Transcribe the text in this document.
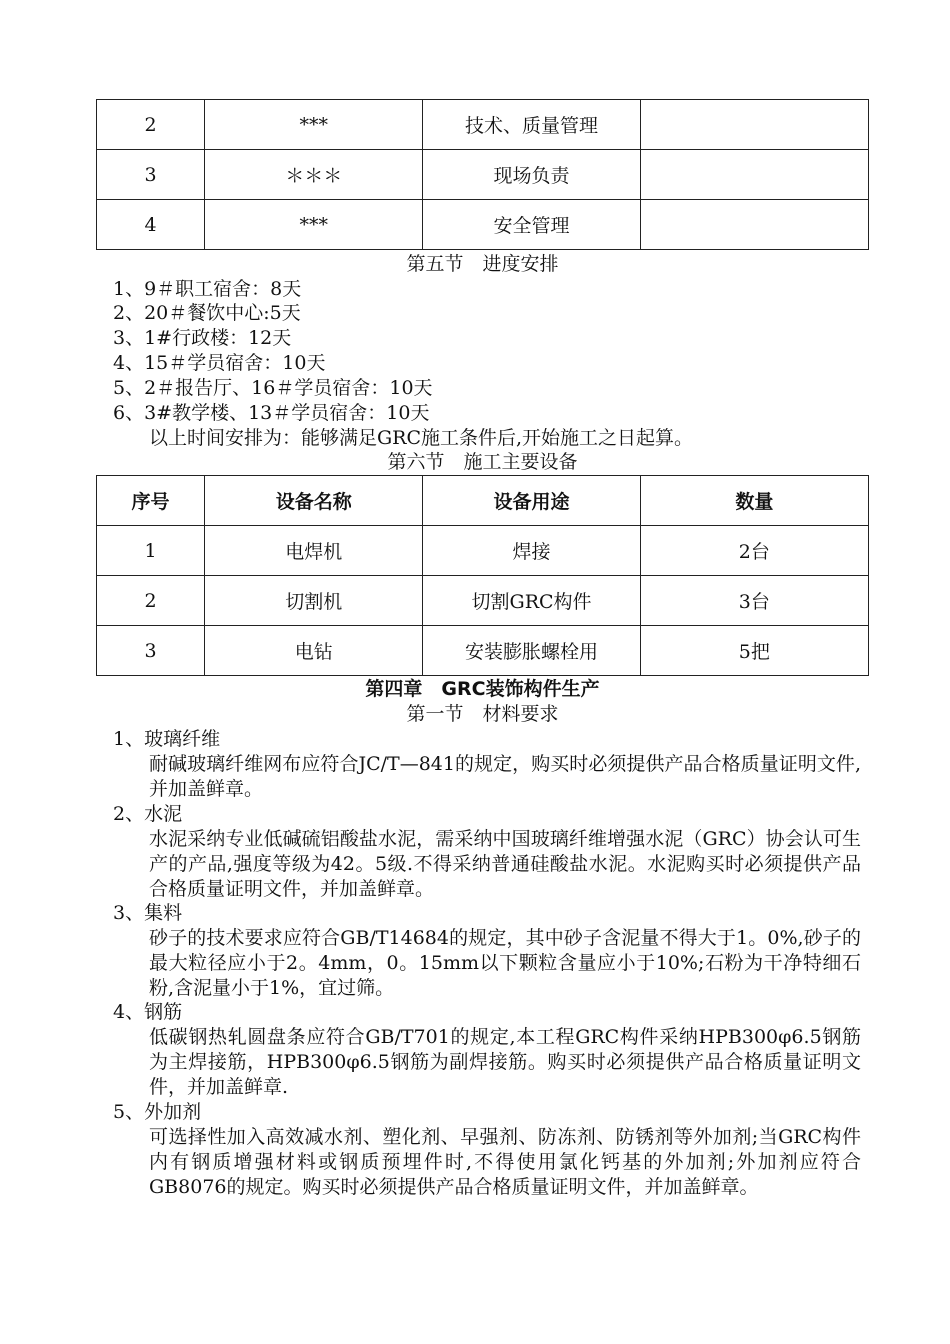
2	***	技术、质量管理	
3	＊＊＊	现场负责	
4	***	安全管理	
第五节　进度安排
1、9＃职工宿舍：8天
2、20＃餐饮中心:5天
3、1#行政楼：12天
4、15＃学员宿舍：10天
5、2＃报告厅、16＃学员宿舍：10天
6、3#教学楼、13＃学员宿舍：10天
以上时间安排为：能够满足GRC施工条件后,开始施工之日起算。
第六节　施工主要设备
序号	设备名称	设备用途	数量
1	电焊机	焊接	2台
2	切割机	切割GRC构件	3台
3	电钻	安装膨胀螺栓用	5把
第四章　GRC装饰构件生产
第一节　材料要求
1、玻璃纤维
耐碱玻璃纤维网布应符合JC/T—841的规定，购买时必须提供产品合格质量证明文件,并加盖鲜章。
2、水泥
水泥采纳专业低碱硫铝酸盐水泥，需采纳中国玻璃纤维增强水泥（GRC）协会认可生产的产品,强度等级为42。5级.不得采纳普通硅酸盐水泥。水泥购买时必须提供产品合格质量证明文件，并加盖鲜章。
3、集料
砂子的技术要求应符合GB/T14684的规定，其中砂子含泥量不得大于1。0%,砂子的最大粒径应小于2。4mm，0。15mm以下颗粒含量应小于10%;石粉为干净特细石粉,含泥量小于1%，宜过筛。
4、钢筋
低碳钢热轧圆盘条应符合GB/T701的规定,本工程GRC构件采纳HPB300φ6.5钢筋为主焊接筋，HPB300φ6.5钢筋为副焊接筋。购买时必须提供产品合格质量证明文件，并加盖鲜章.
5、外加剂
可选择性加入高效减水剂、塑化剂、早强剂、防冻剂、防锈剂等外加剂;当GRC构件内有钢质增强材料或钢质预埋件时,不得使用氯化钙基的外加剂;外加剂应符合GB8076的规定。购买时必须提供产品合格质量证明文件，并加盖鲜章。
